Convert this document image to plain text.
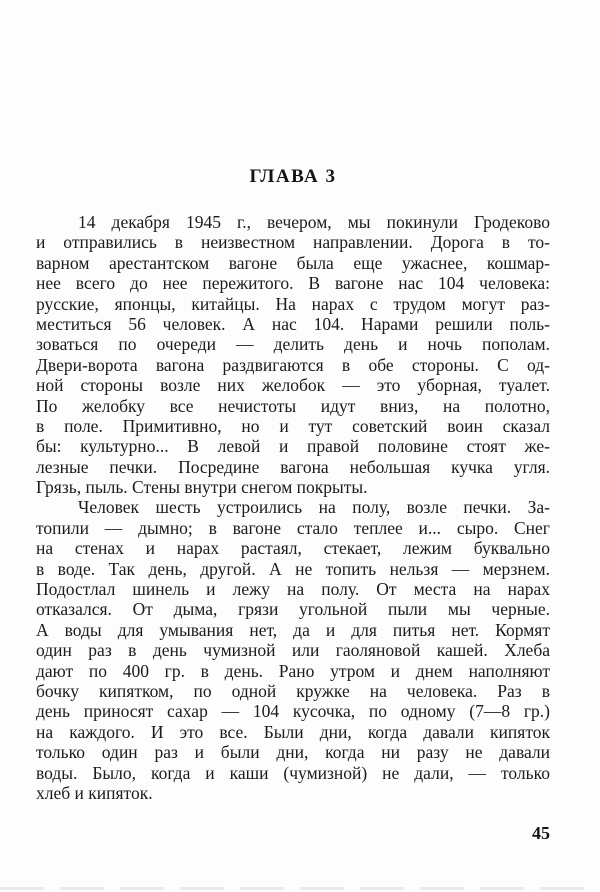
ГЛАВА 3
14 декабря 1945 г., вечером, мы покинули Гродеково
и отправились в неизвестном направлении. Дорога в то-
варном арестантском вагоне была еще ужаснее, кошмар-
нее всего до нее пережитого. В вагоне нас 104 человека:
русские, японцы, китайцы. На нарах с трудом могут раз-
меститься 56 человек. А нас 104. Нарами решили поль-
зоваться по очереди — делить день и ночь пополам.
Двери-ворота вагона раздвигаются в обе стороны. С од-
ной стороны возле них желобок — это уборная, туалет.
По желобку все нечистоты идут вниз, на полотно,
в поле. Примитивно, но и тут советский воин сказал
бы: культурно... В левой и правой половине стоят же-
лезные печки. Посредине вагона небольшая кучка угля.
Грязь, пыль. Стены внутри снегом покрыты.
Человек шесть устроились на полу, возле печки. За-
топили — дымно; в вагоне стало теплее и... сыро. Снег
на стенах и нарах растаял, стекает, лежим буквально
в воде. Так день, другой. А не топить нельзя — мерзнем.
Подостлал шинель и лежу на полу. От места на нарах
отказался. От дыма, грязи угольной пыли мы черные.
А воды для умывания нет, да и для питья нет. Кормят
один раз в день чумизной или гаоляновой кашей. Хлеба
дают по 400 гр. в день. Рано утром и днем наполняют
бочку кипятком, по одной кружке на человека. Раз в
день приносят сахар — 104 кусочка, по одному (7—8 гр.)
на каждого. И это все. Были дни, когда давали кипяток
только один раз и были дни, когда ни разу не давали
воды. Было, когда и каши (чумизной) не дали, — только
хлеб и кипяток.
45
